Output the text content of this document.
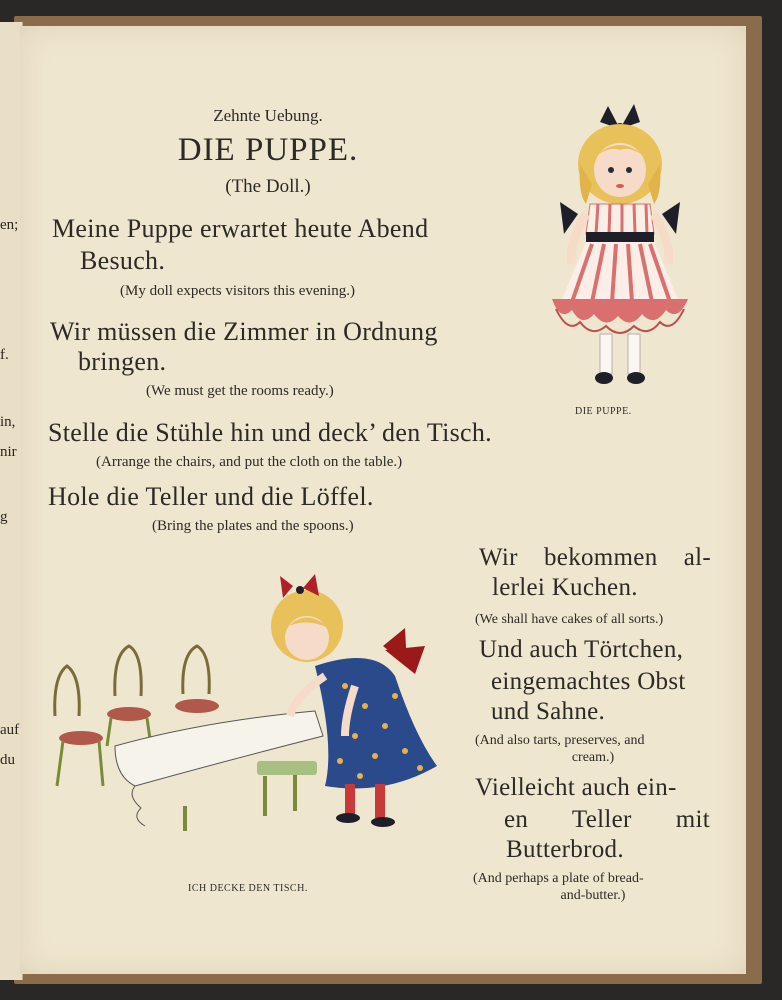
en;
f.
in,
nir
g
auf
du
Zehnte Uebung.
DIE PUPPE.
(The Doll.)
Meine Puppe erwartet heute Abend
Besuch.
(My doll expects visitors this evening.)
Wir müssen die Zimmer in Ordnung
bringen.
(We must get the rooms ready.)
Stelle die Stühle hin und deck’ den Tisch.
(Arrange the chairs, and put the cloth on the table.)
Hole die Teller und die Löffel.
(Bring the plates and the spoons.)
Wir bekommen al-
lerlei Kuchen.
(We shall have cakes of all sorts.)
Und auch Törtchen,
eingemachtes Obst
und Sahne.
(And also tarts, preserves, and
cream.)
Vielleicht auch ein-
en Teller mit
Butterbrod.
(And perhaps a plate of bread-
and-butter.)
DIE PUPPE.
ICH DECKE DEN TISCH.
